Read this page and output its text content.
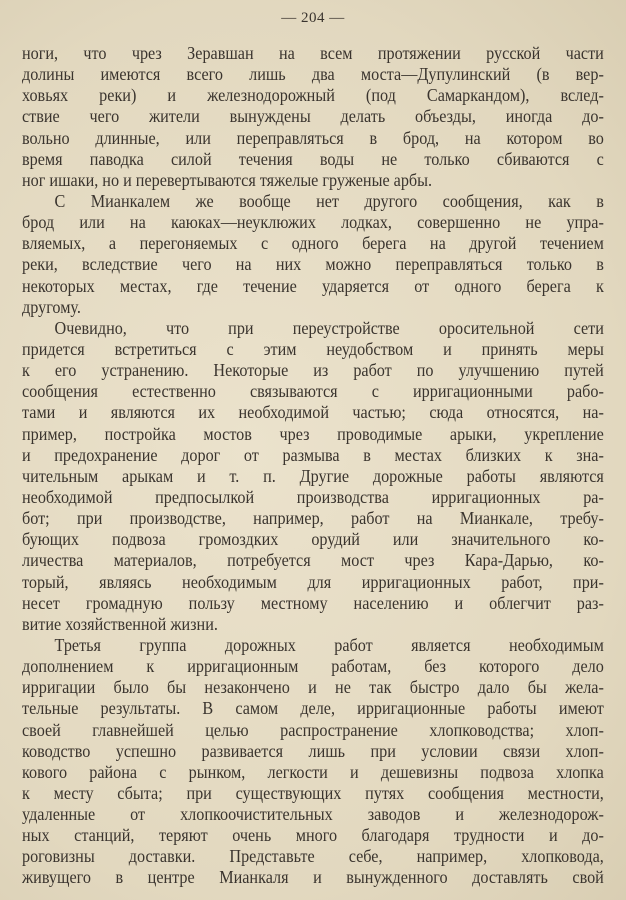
— 204 —
ноги, что чрез Зеравшан на всем протяжении русской части
долины имеются всего лишь два моста—Дупулинский (в вер-
ховьях реки) и железнодорожный (под Самаркандом), вслед-
ствие чего жители вынуждены делать объезды, иногда до-
вольно длинные, или переправляться в брод, на котором во
время паводка силой течения воды не только сбиваются с
ног ишаки, но и перевертываются тяжелые груженые арбы.
С Мианкалем же вообще нет другого сообщения, как в
брод или на каюках—неуклюжих лодках, совершенно не упра-
вляемых, а перегоняемых с одного берега на другой течением
реки, вследствие чего на них можно переправляться только в
некоторых местах, где течение ударяется от одного берега к
другому.
Очевидно, что при переустройстве оросительной сети
придется встретиться с этим неудобством и принять меры
к его устранению. Некоторые из работ по улучшению путей
сообщения естественно связываются с ирригационными рабо-
тами и являются их необходимой частью; сюда относятся, на-
пример, постройка мостов чрез проводимые арыки, укрепление
и предохранение дорог от размыва в местах близких к зна-
чительным арыкам и т. п. Другие дорожные работы являются
необходимой предпосылкой производства ирригационных ра-
бот; при производстве, например, работ на Мианкале, требу-
бующих подвоза громоздких орудий или значительного ко-
личества материалов, потребуется мост чрез Кара-Дарью, ко-
торый, являясь необходимым для ирригационных работ, при-
несет громадную пользу местному населению и облегчит раз-
витие хозяйственной жизни.
Третья группа дорожных работ является необходимым
дополнением к ирригационным работам, без которого дело
ирригации было бы незакончено и не так быстро дало бы жела-
тельные результаты. В самом деле, ирригационные работы имеют
своей главнейшей целью распространение хлопководства; хлоп-
ководство успешно развивается лишь при условии связи хлоп-
кового района с рынком, легкости и дешевизны подвоза хлопка
к месту сбыта; при существующих путях сообщения местности,
удаленные от хлопкоочистительных заводов и железнодорож-
ных станций, теряют очень много благодаря трудности и до-
роговизны доставки. Представьте себе, например, хлопковода,
живущего в центре Мианкаля и вынужденного доставлять свой
